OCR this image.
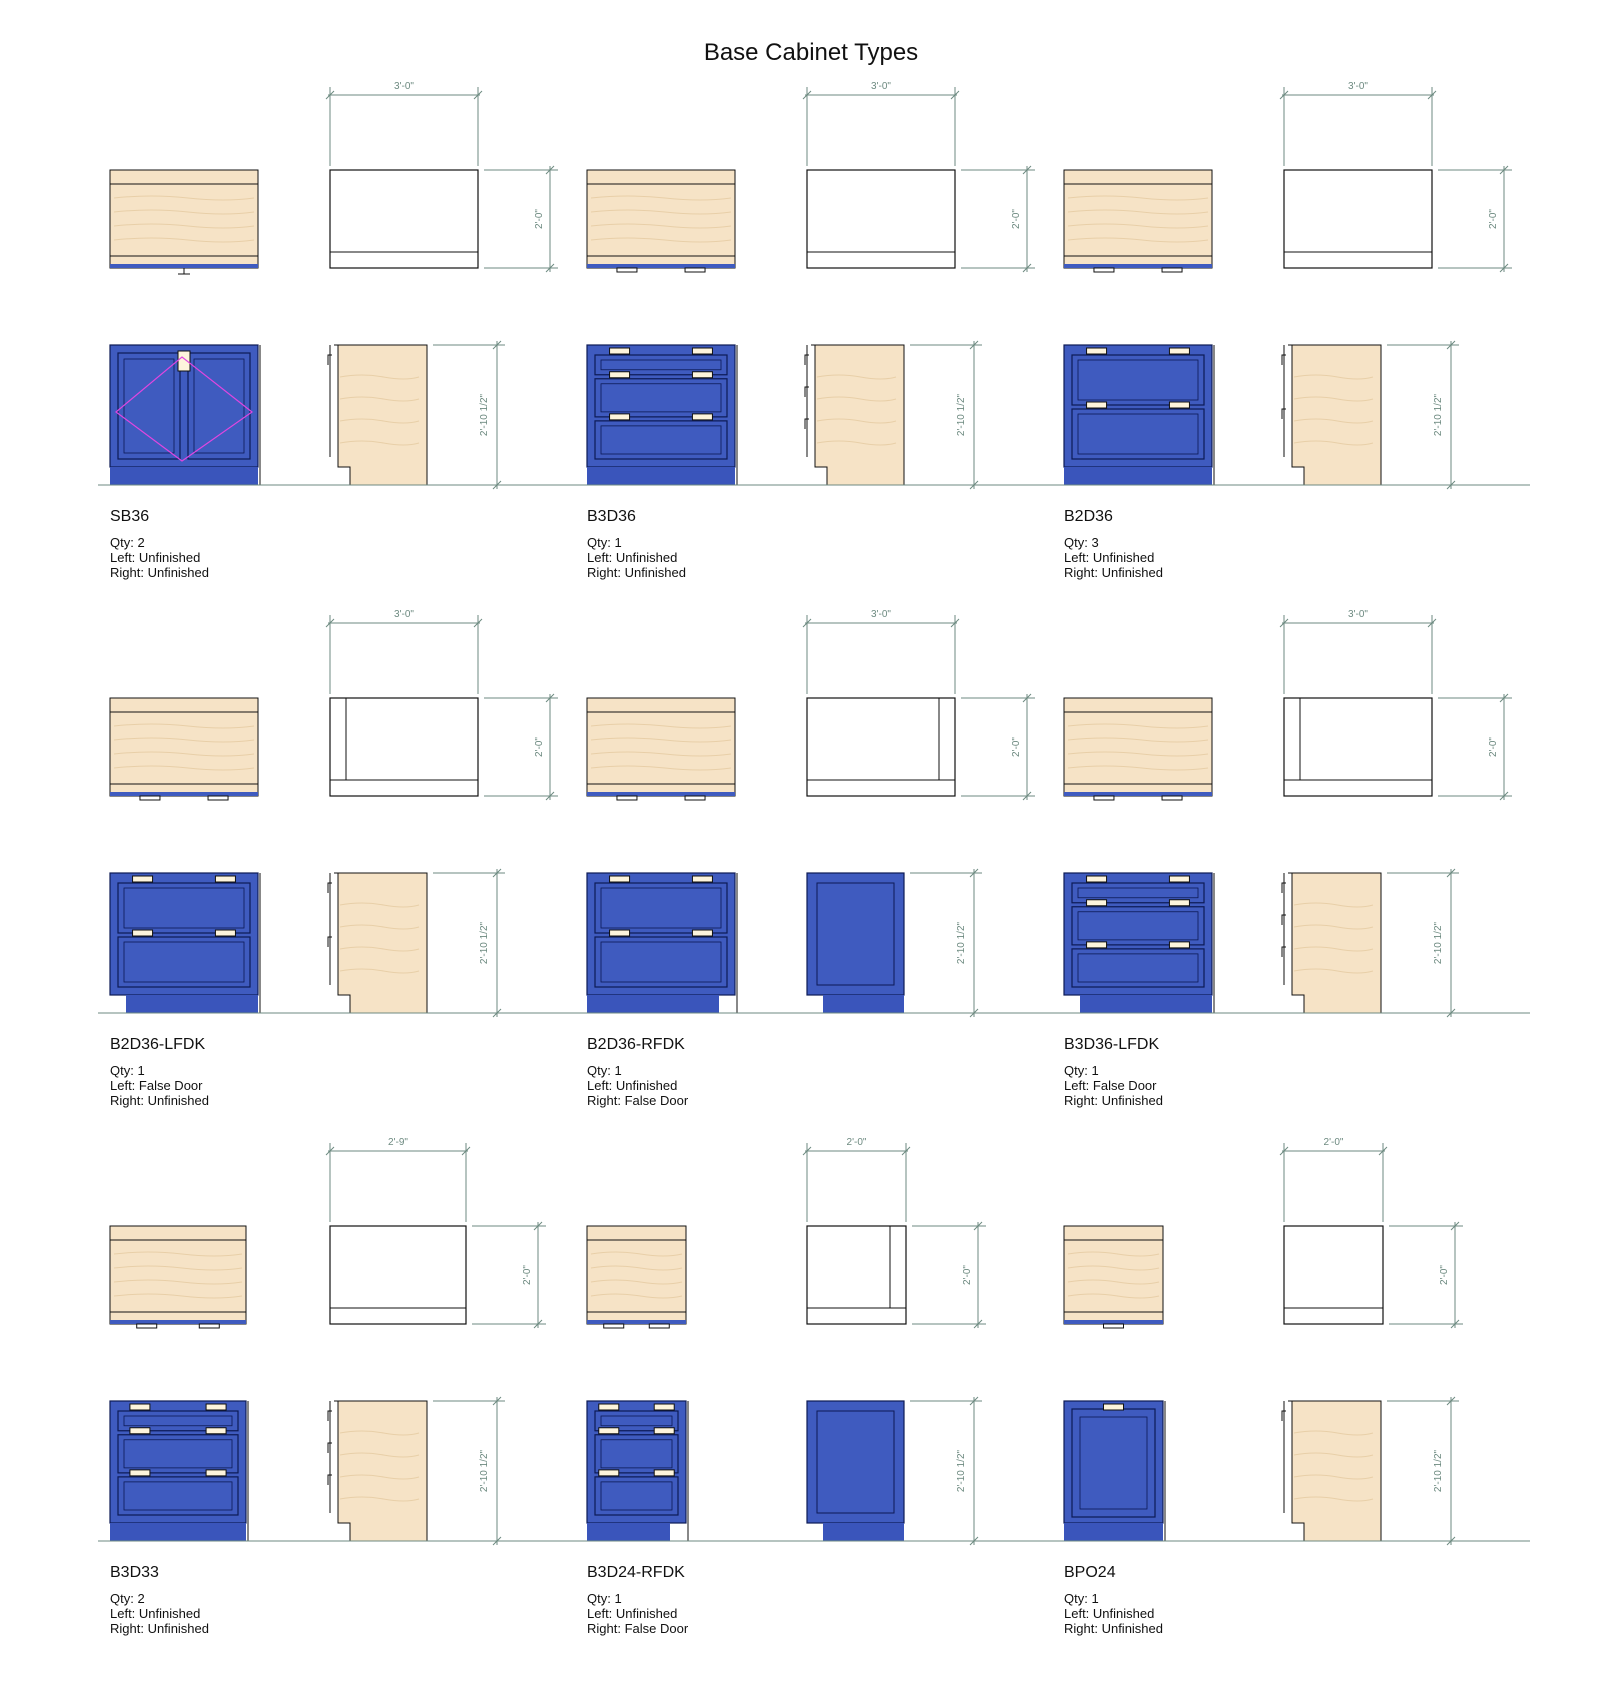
Base Cabinet Types
3'-0"
2'-0"
2'-10 1/2"
SB36
Qty: 2
Left: Unfinished
Right: Unfinished
3'-0"
2'-0"
2'-10 1/2"
B3D36
Qty: 1
Left: Unfinished
Right: Unfinished
3'-0"
2'-0"
2'-10 1/2"
B2D36
Qty: 3
Left: Unfinished
Right: Unfinished
3'-0"
2'-0"
2'-10 1/2"
B2D36-LFDK
Qty: 1
Left: False Door
Right: Unfinished
3'-0"
2'-0"
2'-10 1/2"
B2D36-RFDK
Qty: 1
Left: Unfinished
Right: False Door
3'-0"
2'-0"
2'-10 1/2"
B3D36-LFDK
Qty: 1
Left: False Door
Right: Unfinished
2'-9"
2'-0"
2'-10 1/2"
B3D33
Qty: 2
Left: Unfinished
Right: Unfinished
2'-0"
2'-0"
2'-10 1/2"
B3D24-RFDK
Qty: 1
Left: Unfinished
Right: False Door
2'-0"
2'-0"
2'-10 1/2"
BPO24
Qty: 1
Left: Unfinished
Right: Unfinished
